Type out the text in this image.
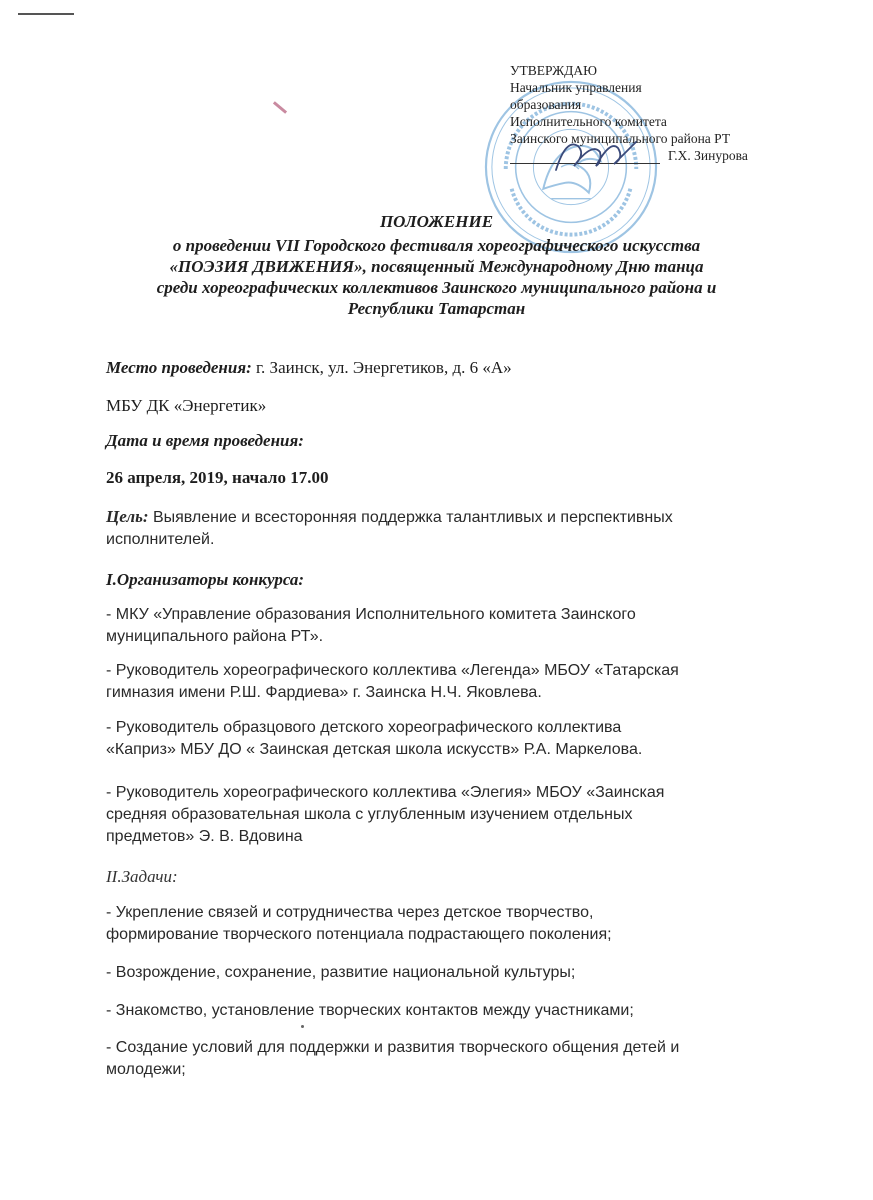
УТВЕРЖДАЮ
Начальник управления
образования
Исполнительного комитета
Заинского муниципального района РТ
Г.Х. Зинурова

ПОЛОЖЕНИЕ
о проведении VII Городского фестиваля хореографического искусства
«ПОЭЗИЯ ДВИЖЕНИЯ», посвященный Международному Дню танца
среди хореографических коллективов Заинского муниципального района и
Республики Татарстан
Место проведения: г. Заинск, ул. Энергетиков, д. 6 «А»
МБУ ДК «Энергетик»
Дата и время проведения:
26 апреля, 2019, начало 17.00
Цель: Выявление и всесторонняя поддержка талантливых и перспективных
исполнителей.
I.Организаторы конкурса:
- МКУ «Управление образования Исполнительного комитета Заинского
муниципального района РТ».
- Руководитель хореографического коллектива «Легенда» МБОУ «Татарская
гимназия имени Р.Ш. Фардиева» г. Заинска Н.Ч. Яковлева.
- Руководитель образцового детского хореографического коллектива
«Каприз» МБУ ДО « Заинская детская школа искусств» Р.А. Маркелова.
- Руководитель хореографического коллектива «Элегия» МБОУ «Заинская
средняя образовательная школа с углубленным изучением отдельных
предметов» Э. В. Вдовина
II.Задачи:
- Укрепление связей и сотрудничества через детское творчество,
формирование творческого потенциала подрастающего поколения;
- Возрождение, сохранение, развитие национальной культуры;
- Знакомство, установление творческих контактов между участниками;
- Создание условий для поддержки и развития творческого общения детей и
молодежи;
